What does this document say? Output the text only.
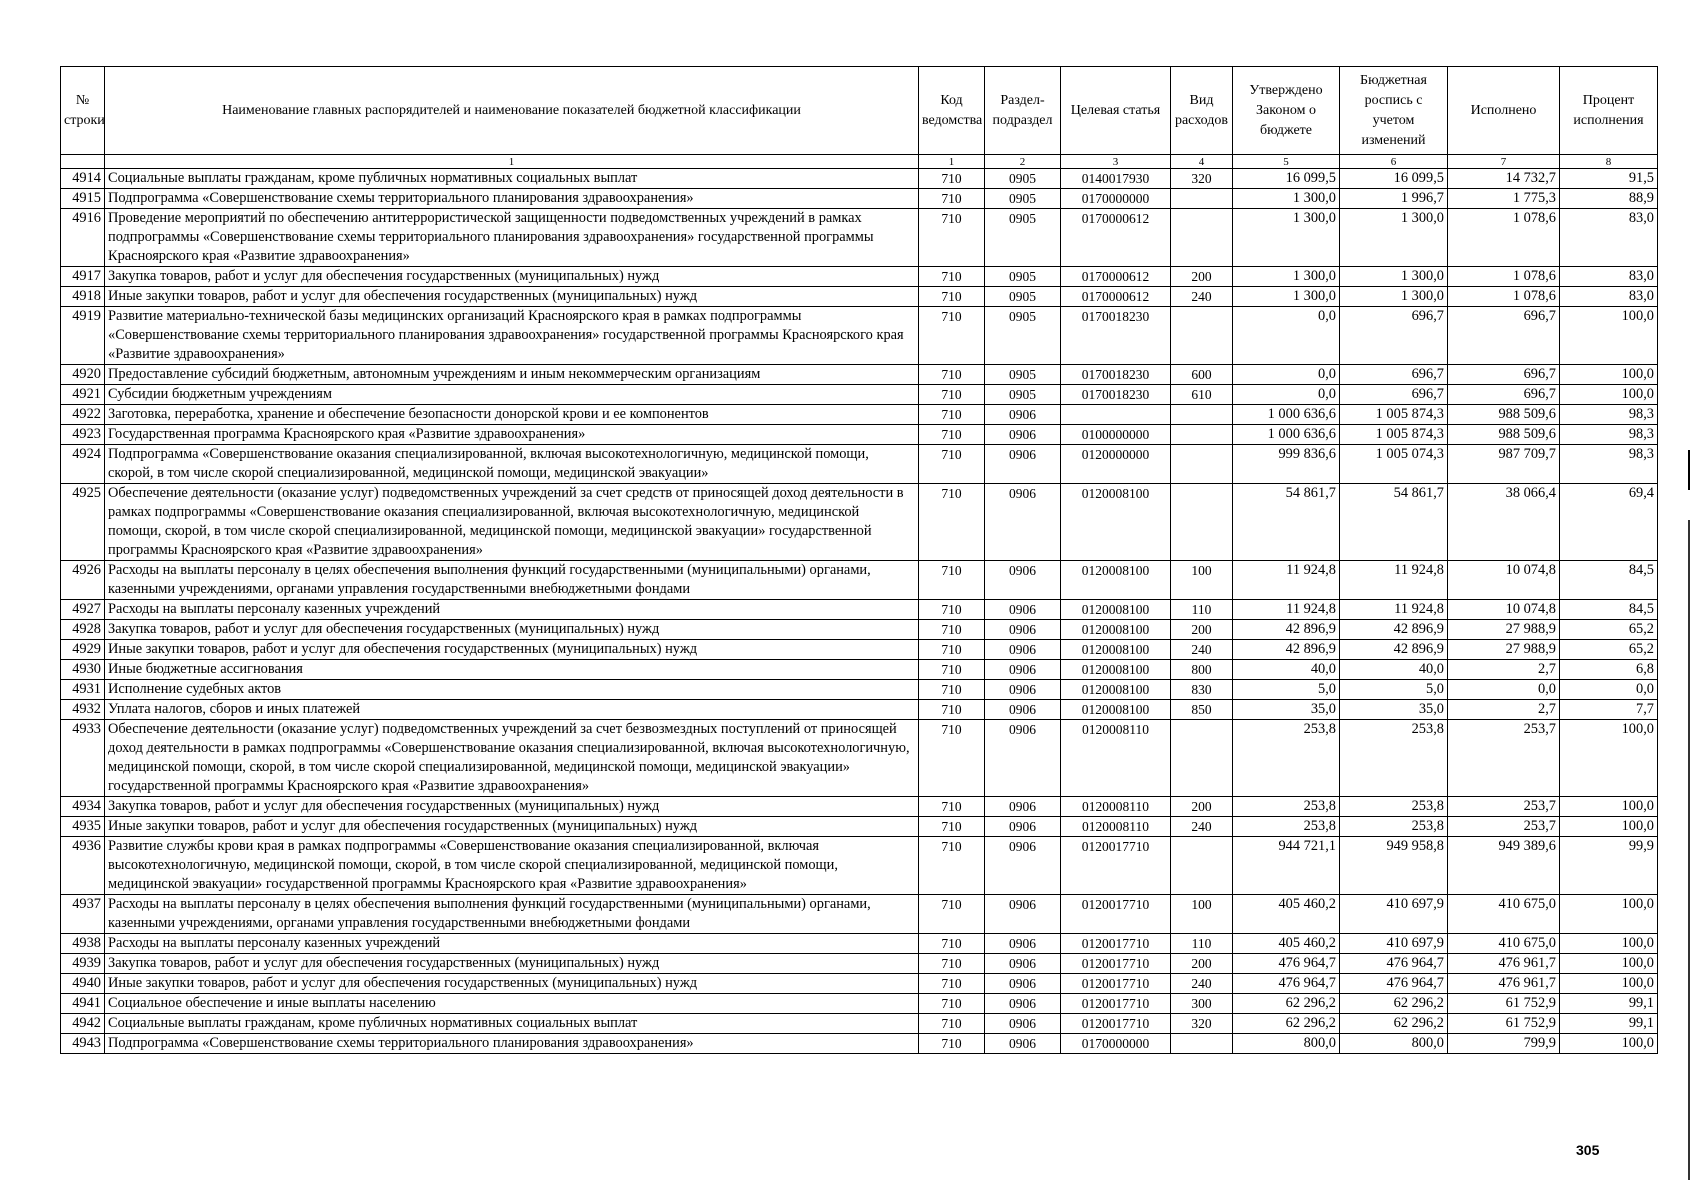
№ строки	Наименование главных распорядителей и наименование показателей бюджетной классификации	Код ведомства	Раздел-подраздел	Целевая статья	Вид расходов	Утверждено Законом о бюджете	Бюджетная роспись с учетом изменений	Исполнено	Процент исполнения
	1	1	2	3	4	5	6	7	8
4914	Социальные выплаты гражданам, кроме публичных нормативных социальных выплат	710	0905	0140017930	320	16 099,5	16 099,5	14 732,7	91,5
4915	Подпрограмма «Совершенствование схемы территориального планирования здравоохранения»	710	0905	0170000000		1 300,0	1 996,7	1 775,3	88,9
4916	Проведение мероприятий по обеспечению антитеррористической защищенности подведомственных учреждений в рамках подпрограммы «Совершенствование схемы территориального планирования здравоохранения» государственной программы Красноярского края «Развитие здравоохранения»	710	0905	0170000612		1 300,0	1 300,0	1 078,6	83,0
4917	Закупка товаров, работ и услуг для обеспечения государственных (муниципальных) нужд	710	0905	0170000612	200	1 300,0	1 300,0	1 078,6	83,0
4918	Иные закупки товаров, работ и услуг для обеспечения государственных (муниципальных) нужд	710	0905	0170000612	240	1 300,0	1 300,0	1 078,6	83,0
4919	Развитие материально-технической базы медицинских организаций Красноярского края в рамках подпрограммы «Совершенствование схемы территориального планирования здравоохранения» государственной программы Красноярского края «Развитие здравоохранения»	710	0905	0170018230		0,0	696,7	696,7	100,0
4920	Предоставление субсидий бюджетным, автономным учреждениям и иным некоммерческим организациям	710	0905	0170018230	600	0,0	696,7	696,7	100,0
4921	Субсидии бюджетным учреждениям	710	0905	0170018230	610	0,0	696,7	696,7	100,0
4922	Заготовка, переработка, хранение и обеспечение безопасности донорской крови и ее компонентов	710	0906			1 000 636,6	1 005 874,3	988 509,6	98,3
4923	Государственная программа Красноярского края «Развитие здравоохранения»	710	0906	0100000000		1 000 636,6	1 005 874,3	988 509,6	98,3
4924	Подпрограмма «Совершенствование оказания специализированной, включая высокотехнологичную, медицинской помощи, скорой, в том числе скорой специализированной, медицинской помощи, медицинской эвакуации»	710	0906	0120000000		999 836,6	1 005 074,3	987 709,7	98,3
4925	Обеспечение деятельности (оказание услуг) подведомственных учреждений за счет средств от приносящей доход деятельности в рамках подпрограммы «Совершенствование оказания специализированной, включая высокотехнологичную, медицинской помощи, скорой, в том числе скорой специализированной, медицинской помощи, медицинской эвакуации» государственной программы Красноярского края «Развитие здравоохранения»	710	0906	0120008100		54 861,7	54 861,7	38 066,4	69,4
4926	Расходы на выплаты персоналу в целях обеспечения выполнения функций государственными (муниципальными) органами, казенными учреждениями, органами управления государственными внебюджетными фондами	710	0906	0120008100	100	11 924,8	11 924,8	10 074,8	84,5
4927	Расходы на выплаты персоналу казенных учреждений	710	0906	0120008100	110	11 924,8	11 924,8	10 074,8	84,5
4928	Закупка товаров, работ и услуг для обеспечения государственных (муниципальных) нужд	710	0906	0120008100	200	42 896,9	42 896,9	27 988,9	65,2
4929	Иные закупки товаров, работ и услуг для обеспечения государственных (муниципальных) нужд	710	0906	0120008100	240	42 896,9	42 896,9	27 988,9	65,2
4930	Иные бюджетные ассигнования	710	0906	0120008100	800	40,0	40,0	2,7	6,8
4931	Исполнение судебных актов	710	0906	0120008100	830	5,0	5,0	0,0	0,0
4932	Уплата налогов, сборов и иных платежей	710	0906	0120008100	850	35,0	35,0	2,7	7,7
4933	Обеспечение деятельности (оказание услуг) подведомственных учреждений за счет безвозмездных поступлений от приносящей доход деятельности в рамках подпрограммы «Совершенствование оказания специализированной, включая высокотехнологичную, медицинской помощи, скорой, в том числе скорой специализированной, медицинской помощи, медицинской эвакуации» государственной программы Красноярского края «Развитие здравоохранения»	710	0906	0120008110		253,8	253,8	253,7	100,0
4934	Закупка товаров, работ и услуг для обеспечения государственных (муниципальных) нужд	710	0906	0120008110	200	253,8	253,8	253,7	100,0
4935	Иные закупки товаров, работ и услуг для обеспечения государственных (муниципальных) нужд	710	0906	0120008110	240	253,8	253,8	253,7	100,0
4936	Развитие службы крови края в рамках подпрограммы «Совершенствование оказания специализированной, включая высокотехнологичную, медицинской помощи, скорой, в том числе скорой специализированной, медицинской помощи, медицинской эвакуации» государственной программы Красноярского края «Развитие здравоохранения»	710	0906	0120017710		944 721,1	949 958,8	949 389,6	99,9
4937	Расходы на выплаты персоналу в целях обеспечения выполнения функций государственными (муниципальными) органами, казенными учреждениями, органами управления государственными внебюджетными фондами	710	0906	0120017710	100	405 460,2	410 697,9	410 675,0	100,0
4938	Расходы на выплаты персоналу казенных учреждений	710	0906	0120017710	110	405 460,2	410 697,9	410 675,0	100,0
4939	Закупка товаров, работ и услуг для обеспечения государственных (муниципальных) нужд	710	0906	0120017710	200	476 964,7	476 964,7	476 961,7	100,0
4940	Иные закупки товаров, работ и услуг для обеспечения государственных (муниципальных) нужд	710	0906	0120017710	240	476 964,7	476 964,7	476 961,7	100,0
4941	Социальное обеспечение и иные выплаты населению	710	0906	0120017710	300	62 296,2	62 296,2	61 752,9	99,1
4942	Социальные выплаты гражданам, кроме публичных нормативных социальных выплат	710	0906	0120017710	320	62 296,2	62 296,2	61 752,9	99,1
4943	Подпрограмма «Совершенствование схемы территориального планирования здравоохранения»	710	0906	0170000000		800,0	800,0	799,9	100,0
305
